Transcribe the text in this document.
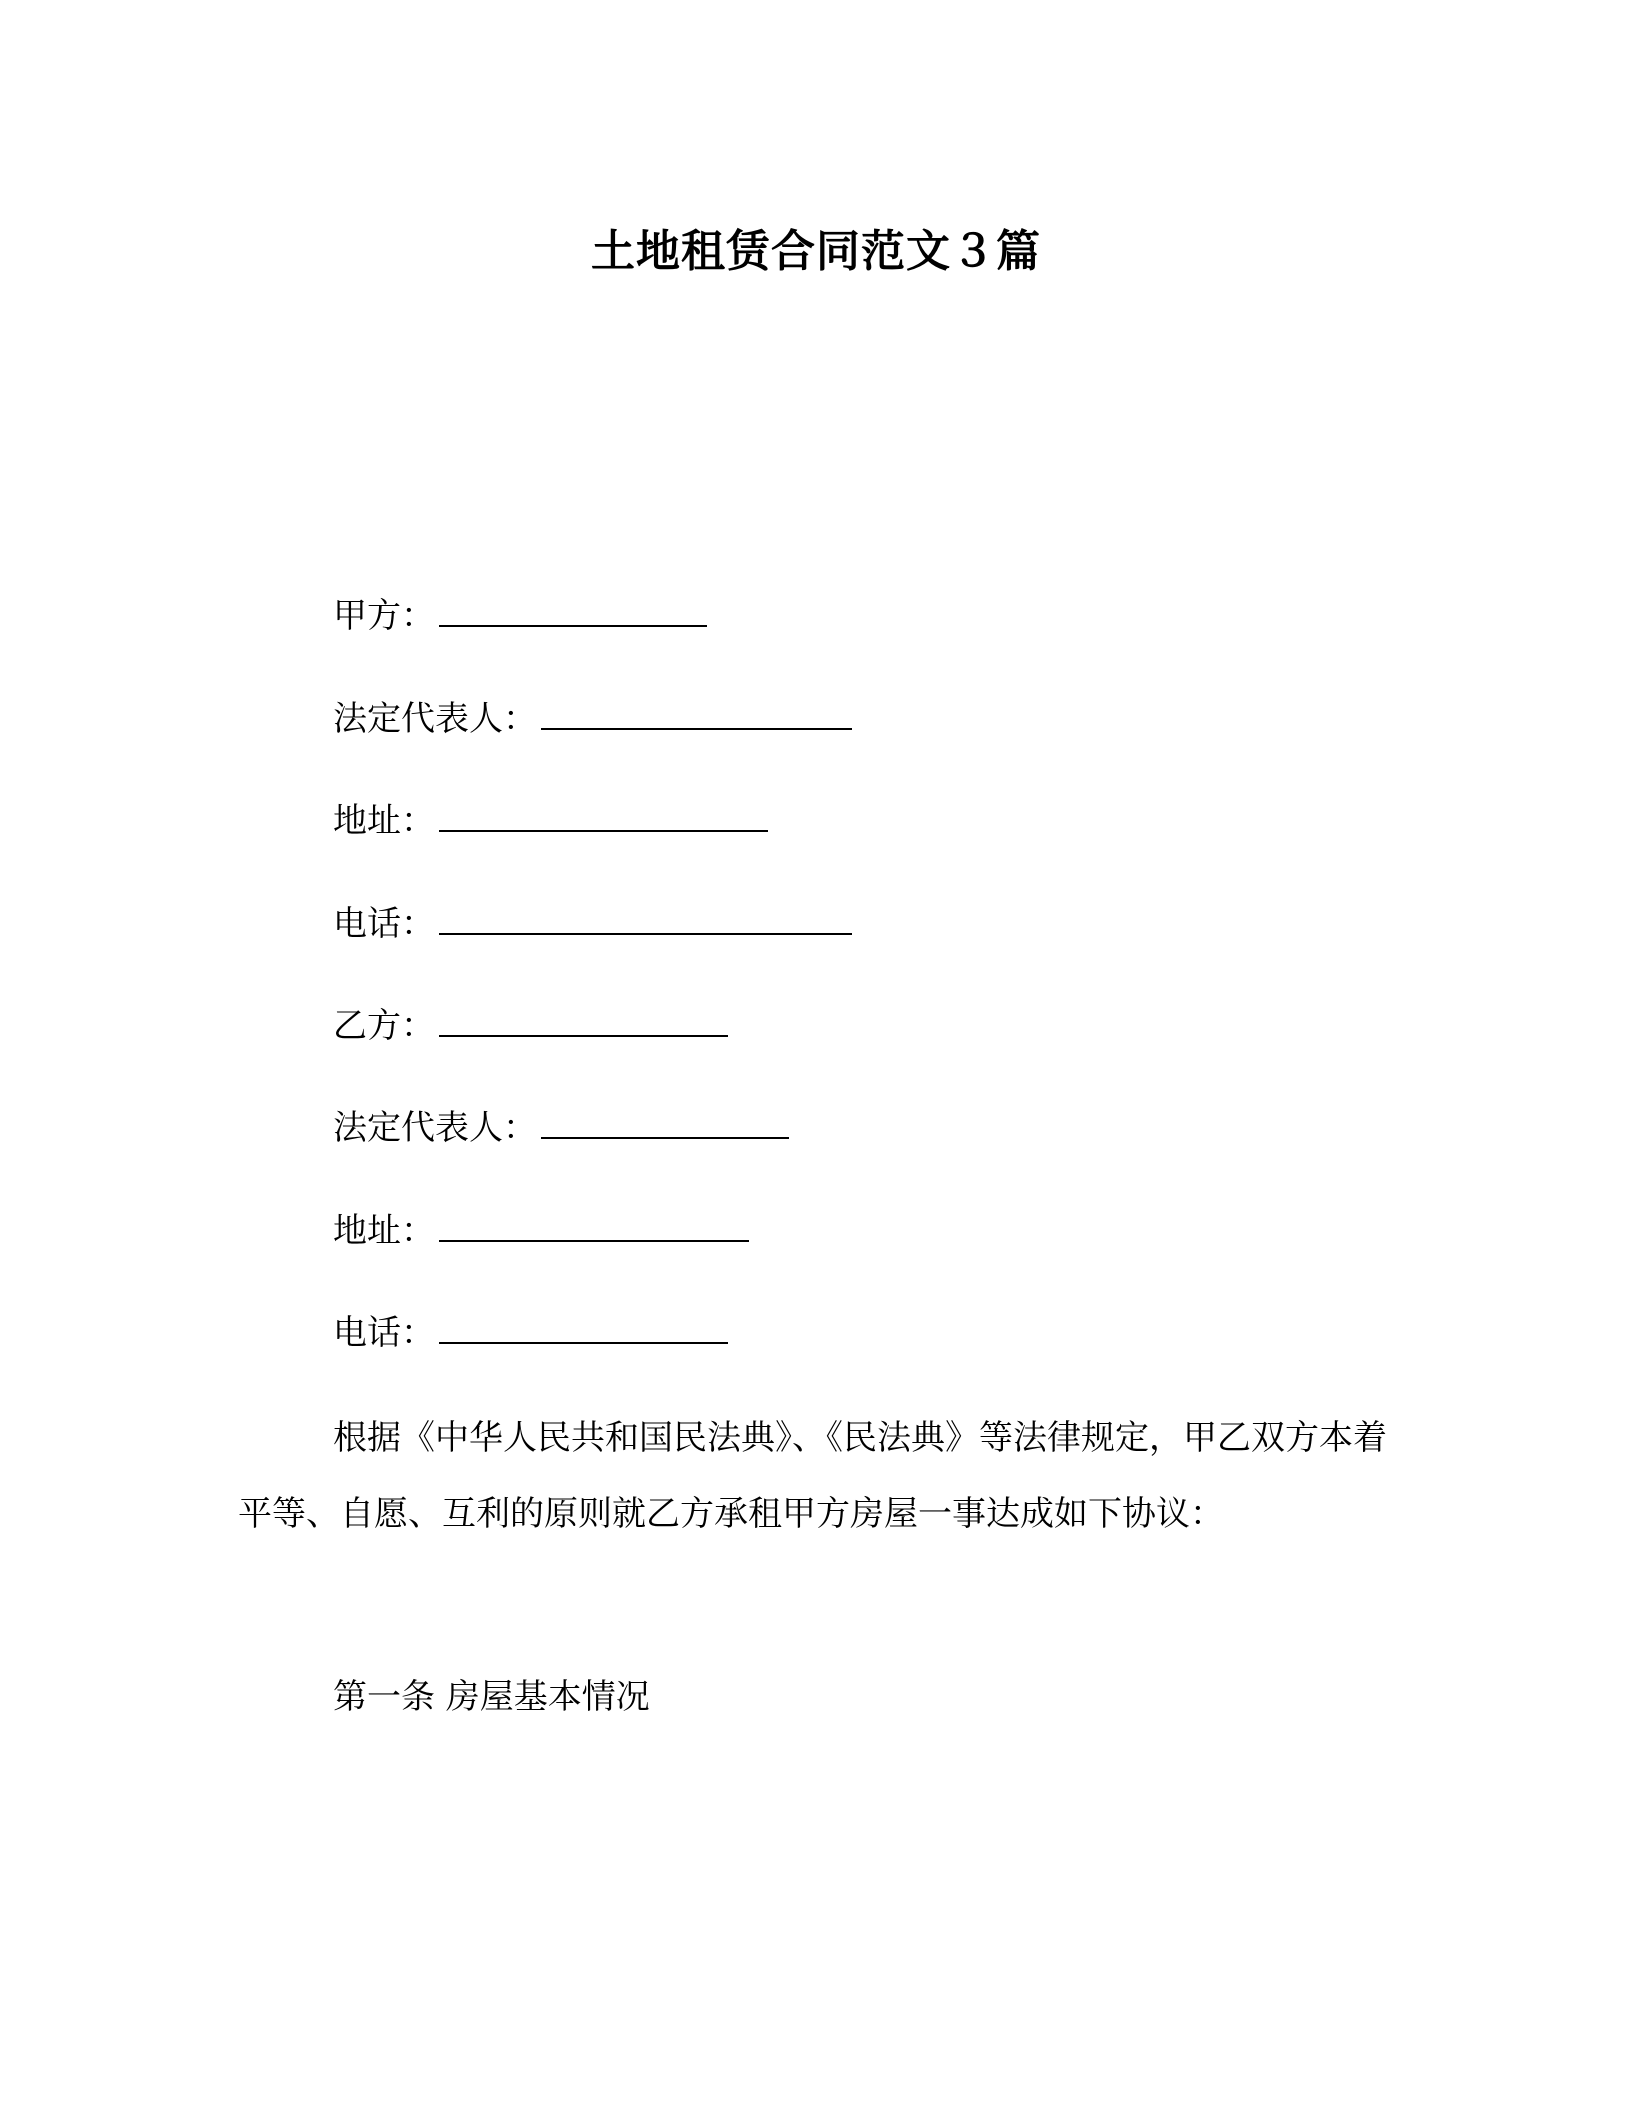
土地租赁合同范文３篇
甲方：
法定代表人：
地址：
电话：
乙方：
法定代表人：
地址：
电话：
根据《中华人民共和国民法典》、《民法典》等法律规定，甲乙双方本着平等、自愿、互利的原则就乙方承租甲方房屋一事达成如下协议：
第一条 房屋基本情况
